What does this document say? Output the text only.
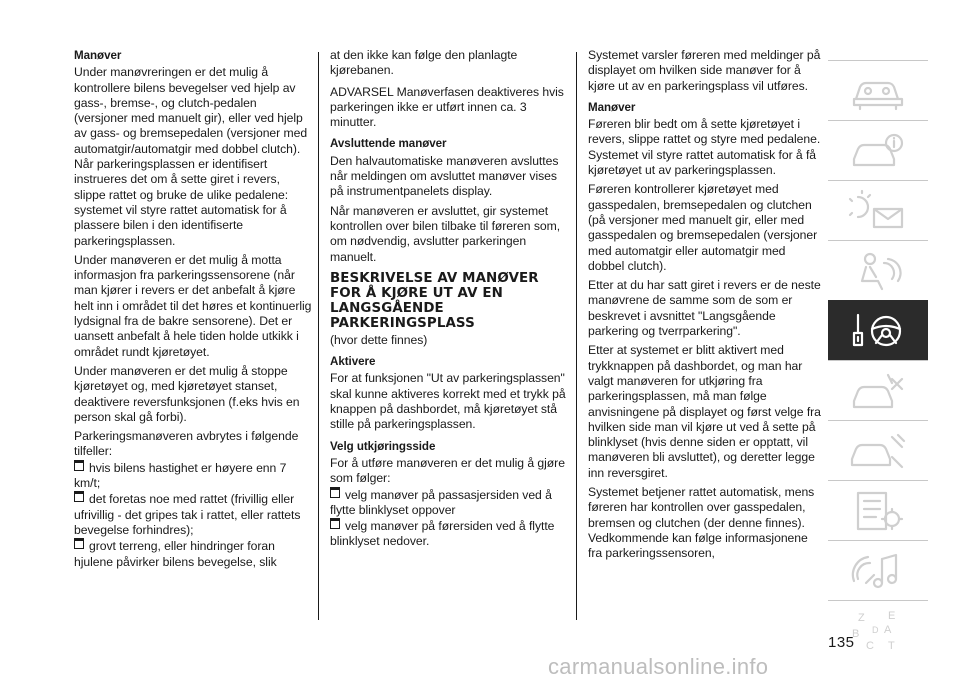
Manøver

Under manøvreringen er det mulig å kontrollere bilens bevegelser ved hjelp av gass-, bremse-, og clutch-pedalen (versjoner med manuelt gir), eller ved hjelp av gass- og bremsepedalen (versjoner med automatgir/automatgir med dobbel clutch). Når parkeringsplassen er identifisert instrueres det om å sette giret i revers, slippe rattet og bruke de ulike pedalene: systemet vil styre rattet automatisk for å plassere bilen i den identifiserte parkeringsplassen.

Under manøveren er det mulig å motta informasjon fra parkeringssensorene (når man kjører i revers er det anbefalt å kjøre helt inn i området til det høres et kontinuerlig lydsignal fra de bakre sensorene). Det er uansett anbefalt å hele tiden holde utkikk i området rundt kjøretøyet.

Under manøveren er det mulig å stoppe kjøretøyet og, med kjøretøyet stanset, deaktivere reversfunksjonen (f.eks hvis en person skal gå forbi).

Parkeringsmanøveren avbrytes i følgende tilfeller:

hvis bilens hastighet er høyere enn 7 km/t;

det foretas noe med rattet (frivillig eller ufrivillig - det gripes tak i rattet, eller rattets bevegelse forhindres);

grovt terreng, eller hindringer foran hjulene påvirker bilens bevegelse, slik

at den ikke kan følge den planlagte kjørebanen.

ADVARSEL Manøverfasen deaktiveres hvis parkeringen ikke er utført innen ca. 3 minutter.

Avsluttende manøver

Den halvautomatiske manøveren avsluttes når meldingen om avsluttet manøver vises på instrumentpanelets display.

Når manøveren er avsluttet, gir systemet kontrollen over bilen tilbake til føreren som, om nødvendig, avslutter parkeringen manuelt.

BESKRIVELSE AV MANØVER FOR Å KJØRE UT AV EN LANGSGÅENDE PARKERINGSPLASS

(hvor dette finnes)

Aktivere

For at funksjonen "Ut av parkeringsplassen" skal kunne aktiveres korrekt med et trykk på knappen på dashbordet, må kjøretøyet stå stille på parkeringsplassen.

Velg utkjøringsside

For å utføre manøveren er det mulig å gjøre som følger:

velg manøver på passasjersiden ved å flytte blinklyset oppover

velg manøver på førersiden ved å flytte blinklyset nedover.

Systemet varsler føreren med meldinger på displayet om hvilken side manøver for å kjøre ut av en parkeringsplass vil utføres.

Manøver

Føreren blir bedt om å sette kjøretøyet i revers, slippe rattet og styre med pedalene. Systemet vil styre rattet automatisk for å få kjøretøyet ut av parkeringsplassen.

Føreren kontrollerer kjøretøyet med gasspedalen, bremsepedalen og clutchen (på versjoner med manuelt gir, eller med gasspedalen og bremsepedalen (versjoner med automatgir eller automatgir med dobbel clutch).

Etter at du har satt giret i revers er de neste manøvrene de samme som de som er beskrevet i avsnittet "Langsgående parkering og tverrparkering".

Etter at systemet er blitt aktivert med trykknappen på dashbordet, og man har valgt manøveren for utkjøring fra parkeringsplassen, må man følge anvisningene på displayet og først velge fra hvilken side man vil kjøre ut ved å sette på blinklyset (hvis denne siden er opptatt, vil manøveren bli avsluttet), og deretter legge inn reversgiret.

Systemet betjener rattet automatisk, mens føreren har kontrollen over gasspedalen, bremsen og clutchen (der denne finnes). Vedkommende kan følge informasjonene fra parkeringssensoren,

Z E
A
B
T
C
D
135
carmanualsonline.info
